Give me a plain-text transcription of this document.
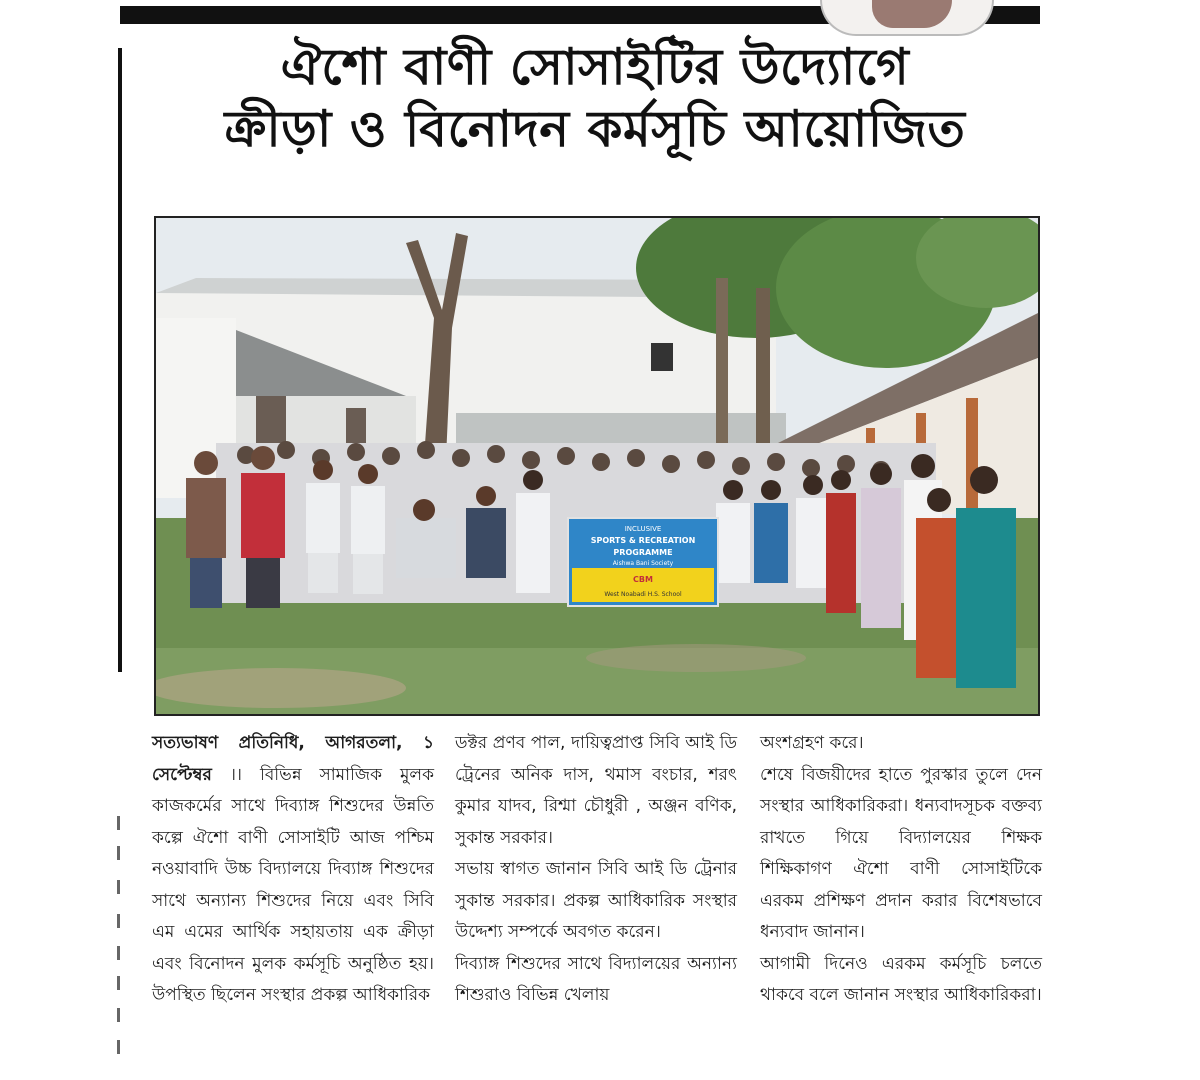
ঐশো বাণী সোসাইটির উদ্যোগে
ক্রীড়া ও বিনোদন কর্মসূচি আয়োজিত
INCLUSIVE
SPORTS & RECREATION
PROGRAMME
Aishwa Bani Society
CBM
West Noabadi H.S. School

সত্যভাষণ প্রতিনিধি, আগরতলা, ১ সেপ্টেম্বর ।। বিভিন্ন সামাজিক মুলক কাজকর্মের সাথে দিব্যাঙ্গ শিশুদের উন্নতি কল্পে ঐশো বাণী সোসাইটি আজ পশ্চিম নওয়াবাদি উচ্চ বিদ্যালয়ে দিব্যাঙ্গ শিশুদের সাথে অন্যান্য শিশুদের নিয়ে এবং সিবি এম এমের আর্থিক সহায়তায় এক ক্রীড়া এবং বিনোদন মুলক কর্মসূচি অনুষ্ঠিত হয়। উপস্থিত ছিলেন সংস্থার প্রকল্প আধিকারিক

ডক্টর প্রণব পাল, দায়িত্বপ্রাপ্ত সিবি আই ডি ট্রেনের অনিক দাস, থমাস বংচার, শরৎ কুমার যাদব, রিশ্মা চৌধুরী , অঞ্জন বণিক, সুকান্ত সরকার।

সভায় স্বাগত জানান সিবি আই ডি ট্রেনার সুকান্ত সরকার। প্রকল্প আধিকারিক সংস্থার উদ্দেশ্য সম্পর্কে অবগত করেন।

দিব্যাঙ্গ শিশুদের সাথে বিদ্যালয়ের অন্যান্য শিশুরাও বিভিন্ন খেলায়

অংশগ্রহণ করে।

শেষে বিজয়ীদের হাতে পুরস্কার তুলে দেন সংস্থার আধিকারিকরা। ধন্যবাদসূচক বক্তব্য রাখতে গিয়ে বিদ্যালয়ের শিক্ষক শিক্ষিকাগণ ঐশো বাণী সোসাইটিকে এরকম প্রশিক্ষণ প্রদান করার বিশেষভাবে ধন্যবাদ জানান।

আগামী দিনেও এরকম কর্মসূচি চলতে থাকবে বলে জানান সংস্থার আধিকারিকরা।
